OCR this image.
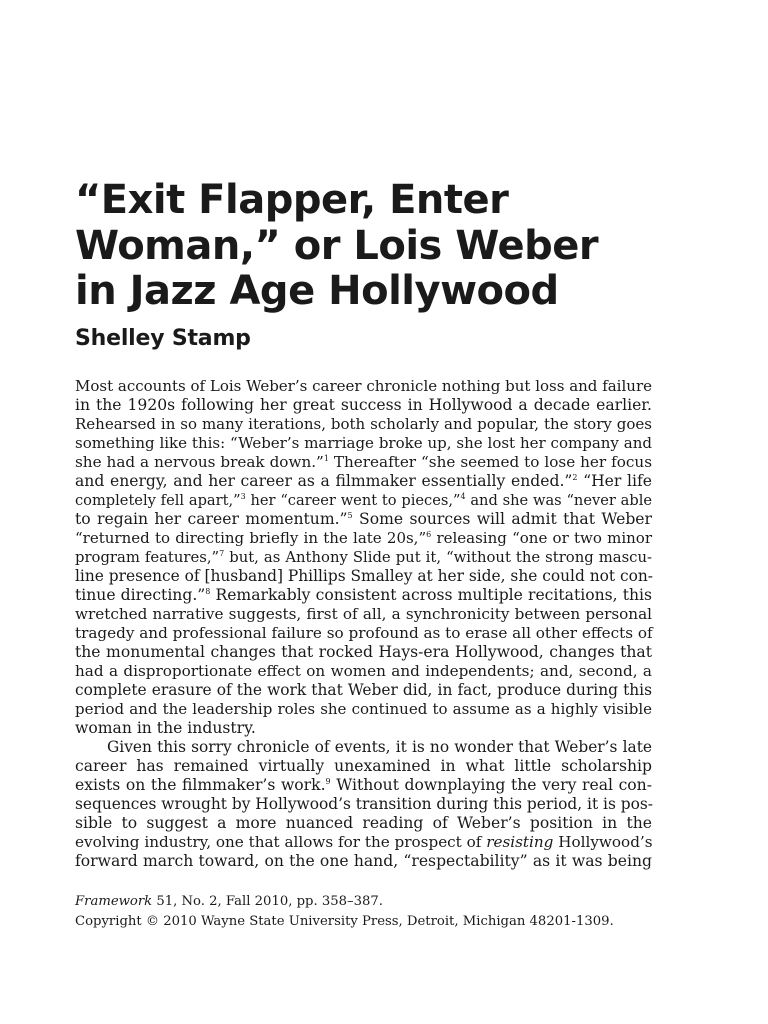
“Exit Flapper, Enter
Woman,” or Lois Weber
in Jazz Age Hollywood
Shelley Stamp
Most accounts of Lois Weber’s career chronicle nothing but loss and failure
in the 1920s following her great success in Hollywood a decade earlier.
Rehearsed in so many iterations, both scholarly and popular, the story goes
something like this: “Weber’s marriage broke up, she lost her company and
she had a nervous break down.”$^1$ Thereafter “she seemed to lose her focus
and energy, and her career as a filmmaker essentially ended.”$^2$ “Her life
completely fell apart,”$^3$ her “career went to pieces,”$^4$ and she was “never able
to regain her career momentum.”$^5$ Some sources will admit that Weber
“returned to directing briefly in the late 20s,”$^6$ releasing “one or two minor
program features,”$^7$ but, as Anthony Slide put it, “without the strong mascu-
line presence of [husband] Phillips Smalley at her side, she could not con-
tinue directing.”$^8$ Remarkably consistent across multiple recitations, this
wretched narrative suggests, first of all, a synchronicity between personal
tragedy and professional failure so profound as to erase all other effects of
the monumental changes that rocked Hays-era Hollywood, changes that
had a disproportionate effect on women and independents; and, second, a
complete erasure of the work that Weber did, in fact, produce during this
period and the leadership roles she continued to assume as a highly visible
woman in the industry.
Given this sorry chronicle of events, it is no wonder that Weber’s late
career has remained virtually unexamined in what little scholarship
exists on the filmmaker’s work.$^9$ Without downplaying the very real con-
sequences wrought by Hollywood’s transition during this period, it is pos-
sible to suggest a more nuanced reading of Weber’s position in the
evolving industry, one that allows for the prospect of resisting Hollywood’s
forward march toward, on the one hand, “respectability” as it was being
Framework 51, No. 2, Fall 2010, pp. 358–387.
Copyright © 2010 Wayne State University Press, Detroit, Michigan 48201-1309.
